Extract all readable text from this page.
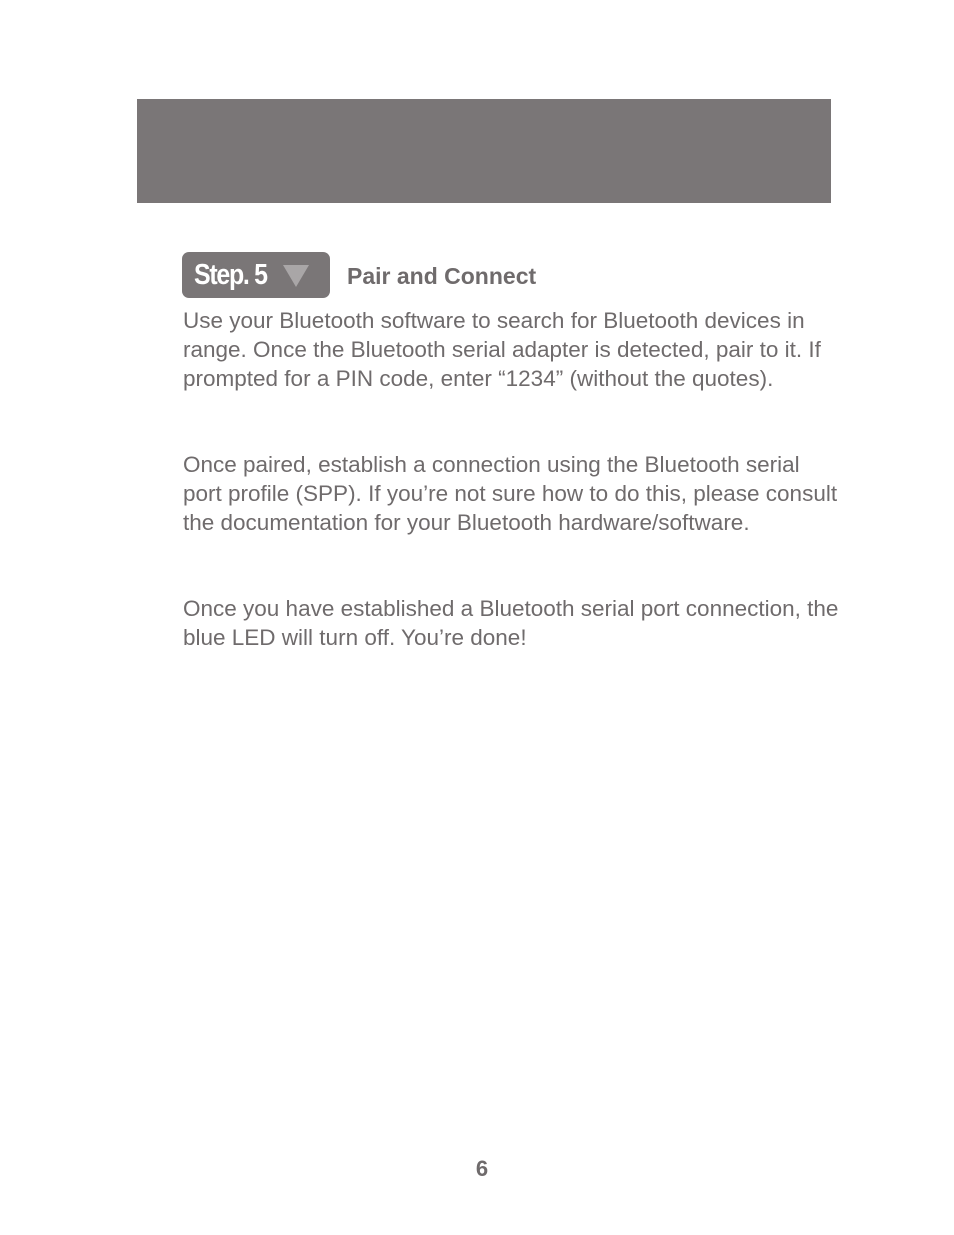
Step. 5	Pair and Connect

Use your Bluetooth software to search for Bluetooth devices in range. Once the Bluetooth serial adapter is detected, pair to it. If prompted for a PIN code, enter “1234” (without the quotes).

Once paired, establish a connection using the Bluetooth serial port profile (SPP). If you’re not sure how to do this, please consult the documentation for your Bluetooth hardware/software.

Once you have established a Bluetooth serial port connection, the blue LED will turn off. You’re done!

6
